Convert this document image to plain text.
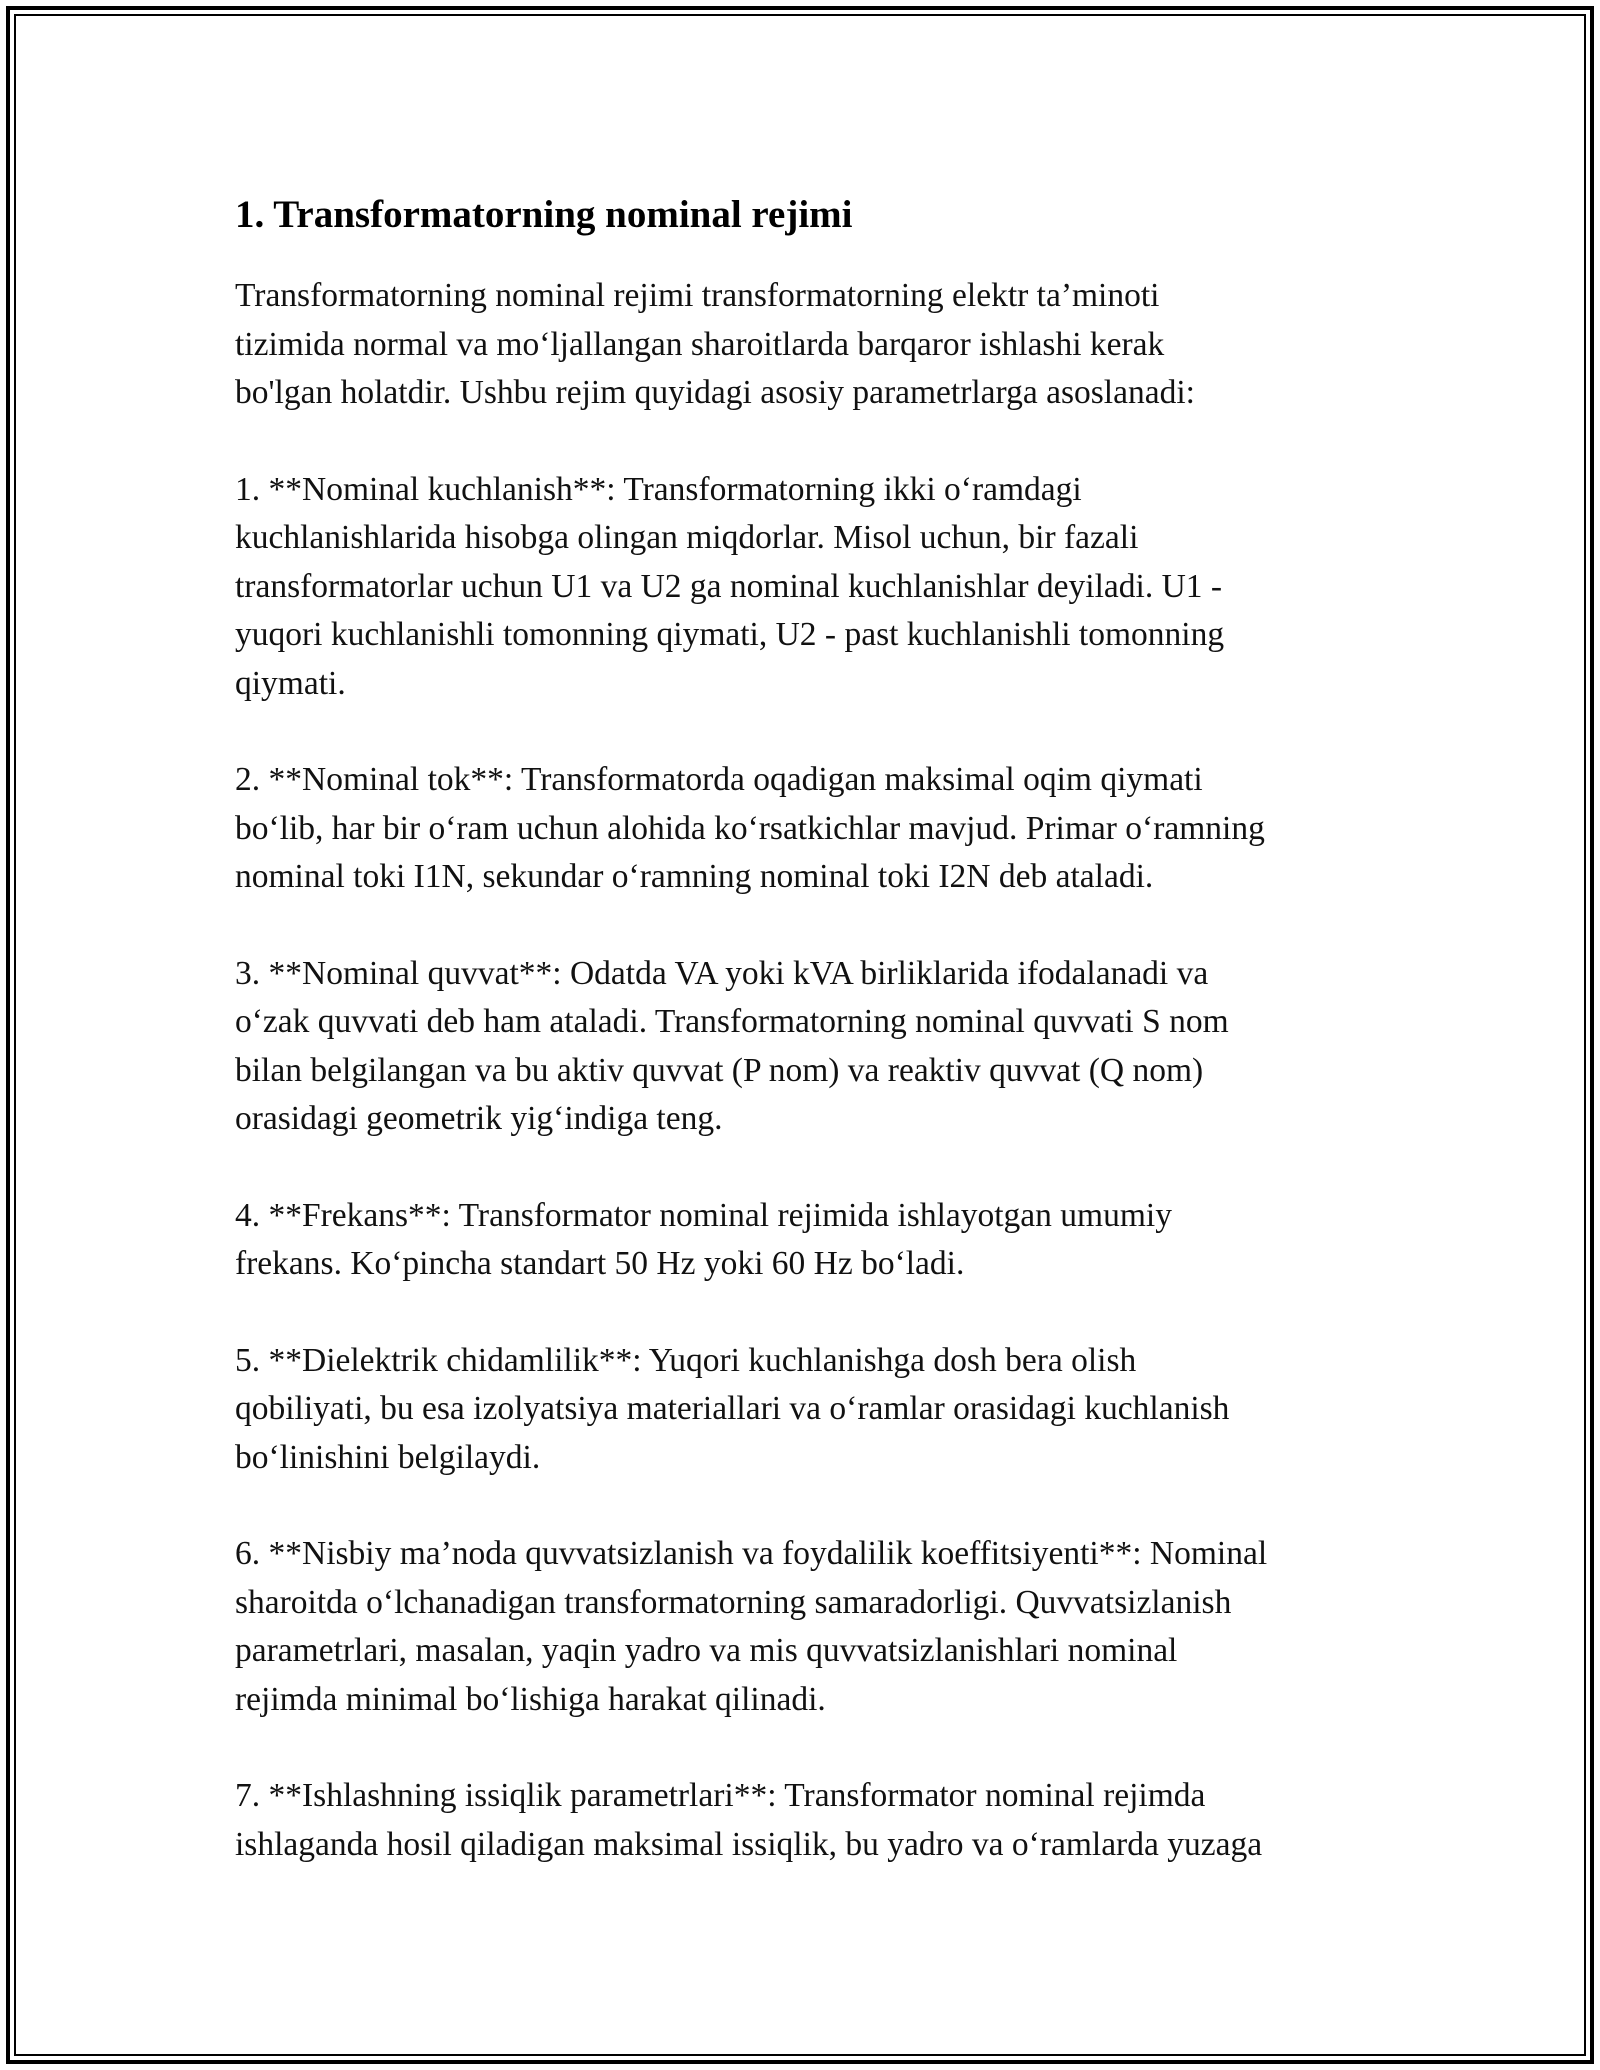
1. Transformatorning nominal rejimi

Transformatorning nominal rejimi transformatorning elektr ta’minoti
tizimida normal va mo‘ljallangan sharoitlarda barqaror ishlashi kerak
bo'lgan holatdir. Ushbu rejim quyidagi asosiy parametrlarga asoslanadi:

1. **Nominal kuchlanish**: Transformatorning ikki o‘ramdagi
kuchlanishlarida hisobga olingan miqdorlar. Misol uchun, bir fazali
transformatorlar uchun U1 va U2 ga nominal kuchlanishlar deyiladi. U1 -
yuqori kuchlanishli tomonning qiymati, U2 - past kuchlanishli tomonning
qiymati.

2. **Nominal tok**: Transformatorda oqadigan maksimal oqim qiymati
bo‘lib, har bir o‘ram uchun alohida ko‘rsatkichlar mavjud. Primar o‘ramning
nominal toki I1N, sekundar o‘ramning nominal toki I2N deb ataladi.

3. **Nominal quvvat**: Odatda VA yoki kVA birliklarida ifodalanadi va
o‘zak quvvati deb ham ataladi. Transformatorning nominal quvvati S nom
bilan belgilangan va bu aktiv quvvat (P nom) va reaktiv quvvat (Q nom)
orasidagi geometrik yig‘indiga teng.

4. **Frekans**: Transformator nominal rejimida ishlayotgan umumiy
frekans. Ko‘pincha standart 50 Hz yoki 60 Hz bo‘ladi.

5. **Dielektrik chidamlilik**: Yuqori kuchlanishga dosh bera olish
qobiliyati, bu esa izolyatsiya materiallari va o‘ramlar orasidagi kuchlanish
bo‘linishini belgilaydi.

6. **Nisbiy ma’noda quvvatsizlanish va foydalilik koeffitsiyenti**: Nominal
sharoitda o‘lchanadigan transformatorning samaradorligi. Quvvatsizlanish
parametrlari, masalan, yaqin yadro va mis quvvatsizlanishlari nominal
rejimda minimal bo‘lishiga harakat qilinadi.

7. **Ishlashning issiqlik parametrlari**: Transformator nominal rejimda
ishlaganda hosil qiladigan maksimal issiqlik, bu yadro va o‘ramlarda yuzaga
